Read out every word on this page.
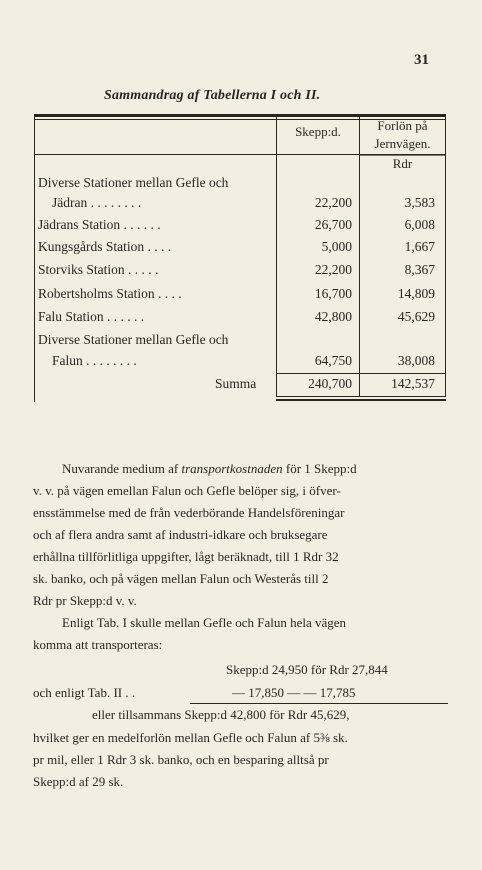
31
Sammandrag af Tabellerna I och II.
Skepp:d.	Forlön på
Jernvägen.
Rdr
Diverse Stationer mellan Gefle och
Jädran . . . . . . . .	22,200	3,583
Jädrans Station . . . . . .	26,700	6,008
Kungsgårds Station . . . .	5,000	1,667
Storviks Station . . . . .	22,200	8,367
Robertsholms Station . . . .	16,700	14,809
Falu Station . . . . . .	42,800	45,629
Diverse Stationer mellan Gefle och
Falun . . . . . . . .	64,750	38,008
Summa	240,700	142,537
Nuvarande medium af transportkostnaden för 1 Skepp:d
v. v. på vägen emellan Falun och Gefle belöper sig, i öfver-
ensstämmelse med de från vederbörande Handelsföreningar
och af flera andra samt af industri-idkare och bruksegare
erhållna tillförlitliga uppgifter, lågt beräknadt, till 1 Rdr 32
sk. banko, och på vägen mellan Falun och Westerås till 2
Rdr pr Skepp:d v. v.
Enligt Tab. I skulle mellan Gefle och Falun hela vägen
komma att transporteras:
Skepp:d 24,950 för Rdr 27,844
och enligt Tab. II . .	— 17,850 — — 17,785
eller tillsammans Skepp:d 42,800 för Rdr 45,629,
hvilket ger en medelforlön mellan Gefle och Falun af 5⅜ sk.
pr mil, eller 1 Rdr 3 sk. banko, och en besparing alltså pr
Skepp:d af 29 sk.
